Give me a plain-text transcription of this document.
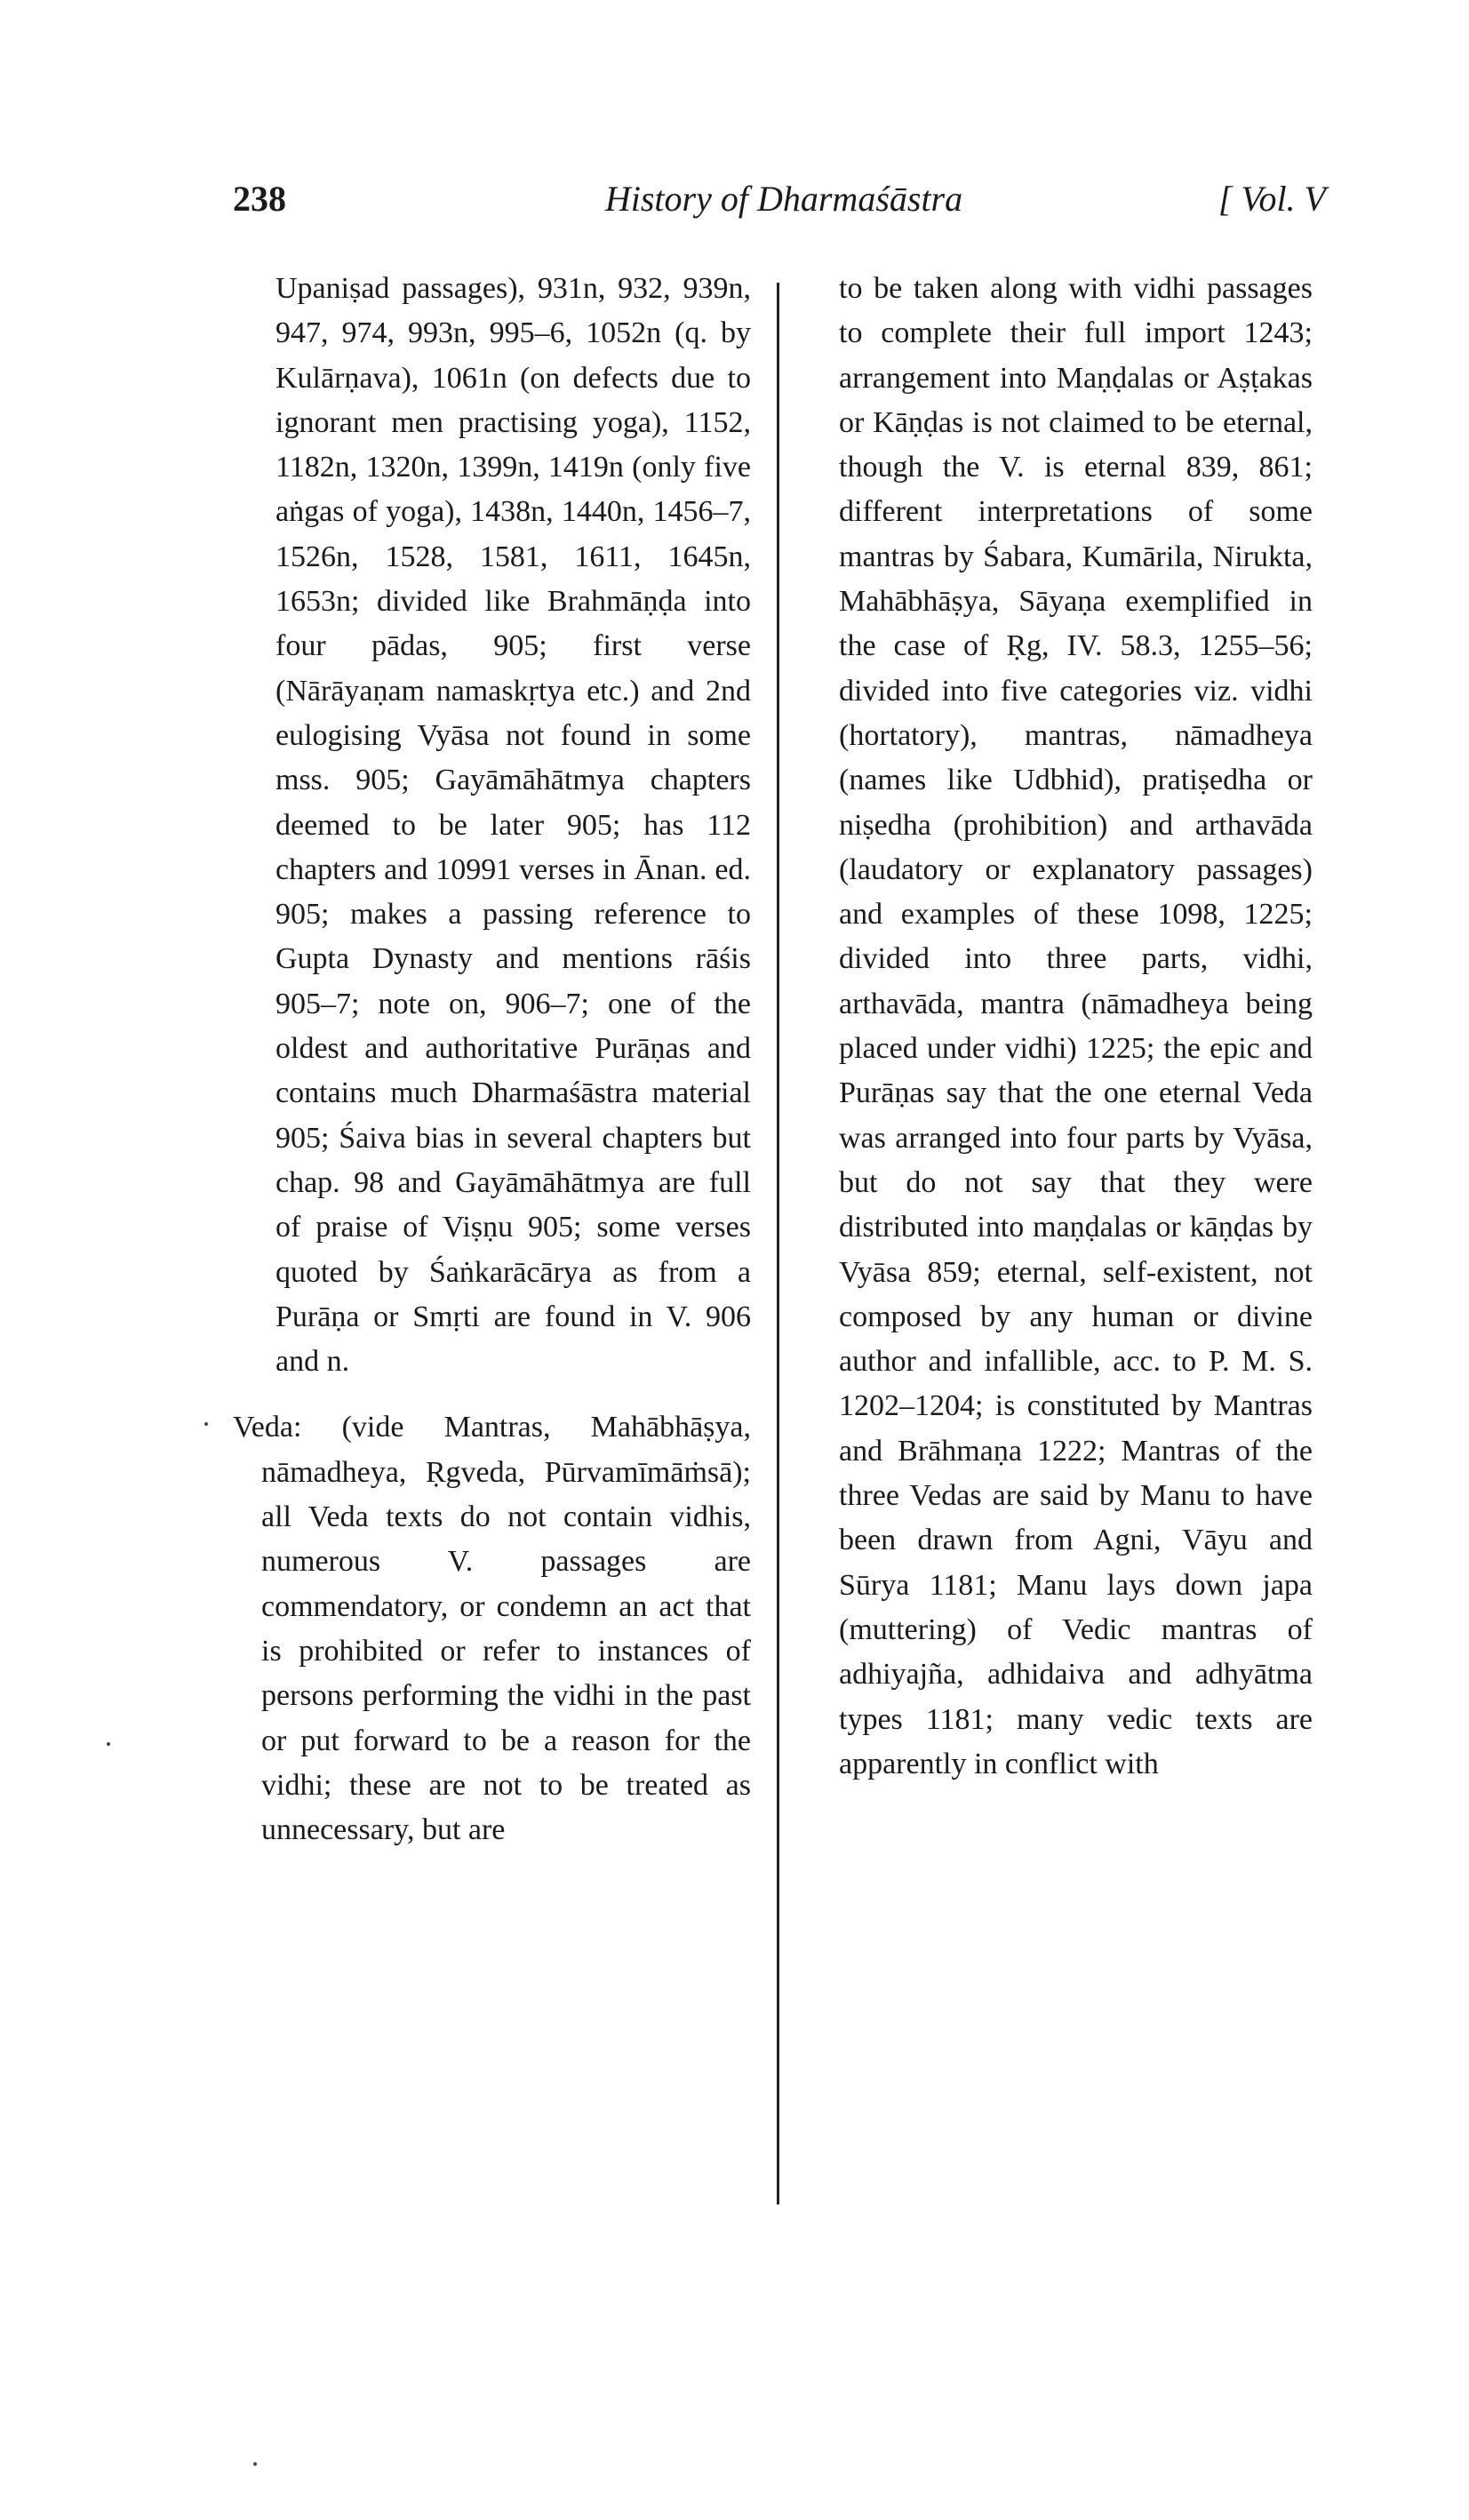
238	History of Dharmaśāstra	[ Vol. V

Upaniṣad passages), 931n, 932, 939n, 947, 974, 993n, 995–6, 1052n (q. by Kulārṇava), 1061n (on defects due to ignorant men practising yoga), 1152, 1182n, 1320n, 1399n, 1419n (only five aṅgas of yoga), 1438n, 1440n, 1456–7, 1526n, 1528, 1581, 1611, 1645n, 1653n; divided like Brahmāṇḍa into four pādas, 905; first verse (Nārāyaṇam namaskṛtya etc.) and 2nd eulogising Vyāsa not found in some mss. 905; Gayāmāhātmya chapters deemed to be later 905; has 112 chapters and 10991 verses in Ānan. ed. 905; makes a passing reference to Gupta Dynasty and mentions rāśis 905–7; note on, 906–7; one of the oldest and authoritative Purāṇas and contains much Dharmaśāstra material 905; Śaiva bias in several chapters but chap. 98 and Gayāmāhātmya are full of praise of Viṣṇu 905; some verses quoted by Śaṅkarācārya as from a Purāṇa or Smṛti are found in V. 906 and n.

Veda: (vide Mantras, Mahābhāṣya, nāmadheya, Ṛgveda, Pūrvamīmāṁsā); all Veda texts do not contain vidhis, numerous V. passages are commendatory, or condemn an act that is prohibited or refer to instances of persons performing the vidhi in the past or put forward to be a reason for the vidhi; these are not to be treated as unnecessary, but are

to be taken along with vidhi passages to complete their full import 1243; arrangement into Maṇḍalas or Aṣṭakas or Kāṇḍas is not claimed to be eternal, though the V. is eternal 839, 861; different interpretations of some mantras by Śabara, Kumārila, Nirukta, Mahābhāṣya, Sāyaṇa exemplified in the case of Ṛg, IV. 58.3, 1255–56; divided into five categories viz. vidhi (hortatory), mantras, nāmadheya (names like Udbhid), pratiṣedha or niṣedha (prohibition) and arthavāda (laudatory or explanatory passages) and examples of these 1098, 1225; divided into three parts, vidhi, arthavāda, mantra (nāmadheya being placed under vidhi) 1225; the epic and Purāṇas say that the one eternal Veda was arranged into four parts by Vyāsa, but do not say that they were distributed into maṇḍalas or kāṇḍas by Vyāsa 859; eternal, self-existent, not composed by any human or divine author and infallible, acc. to P. M. S. 1202–1204; is constituted by Mantras and Brāhmaṇa 1222; Mantras of the three Vedas are said by Manu to have been drawn from Agni, Vāyu and Sūrya 1181; Manu lays down japa (muttering) of Vedic mantras of adhiyajña, adhidaiva and adhyātma types 1181; many vedic texts are apparently in conflict with
